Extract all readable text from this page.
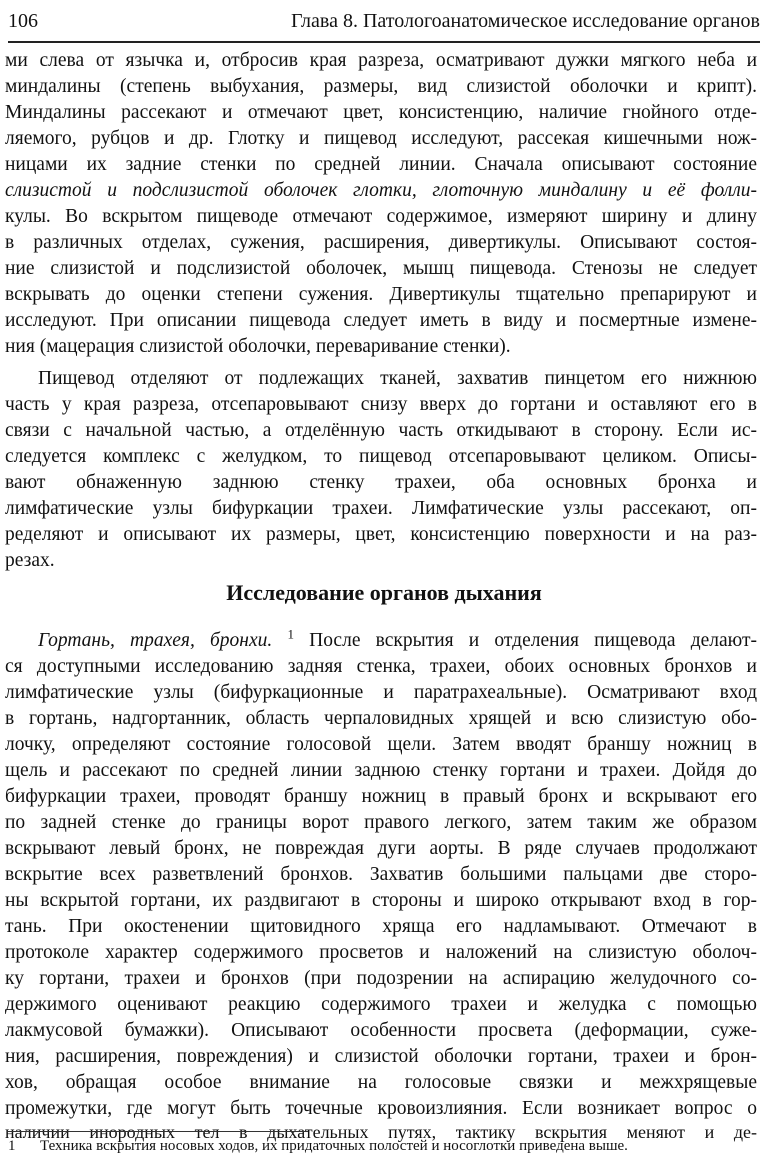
106	Глава 8. Патологоанатомическое исследование органов
ми слева от язычка и, отбросив края разреза, осматривают дужки мягкого неба и
миндалины (степень выбухания, размеры, вид слизистой оболочки и крипт).
Миндалины рассекают и отмечают цвет, консистенцию, наличие гнойного отде-
ляемого, рубцов и др. Глотку и пищевод исследуют, рассекая кишечными нож-
ницами их задние стенки по средней линии. Сначала описывают состояние
слизистой и подслизистой оболочек глотки, глоточную миндалину и её фолли-
кулы. Во вскрытом пищеводе отмечают содержимое, измеряют ширину и длину
в различных отделах, сужения, расширения, дивертикулы. Описывают состоя-
ние слизистой и подслизистой оболочек, мышц пищевода. Стенозы не следует
вскрывать до оценки степени сужения. Дивертикулы тщательно препарируют и
исследуют. При описании пищевода следует иметь в виду и посмертные измене-
ния (мацерация слизистой оболочки, переваривание стенки).
Пищевод отделяют от подлежащих тканей, захватив пинцетом его нижнюю
часть у края разреза, отсепаровывают снизу вверх до гортани и оставляют его в
связи с начальной частью, а отделённую часть откидывают в сторону. Если ис-
следуется комплекс с желудком, то пищевод отсепаровывают целиком. Описы-
вают обнаженную заднюю стенку трахеи, оба основных бронха и
лимфатические узлы бифуркации трахеи. Лимфатические узлы рассекают, оп-
ределяют и описывают их размеры, цвет, консистенцию поверхности и на раз-
резах.
Исследование органов дыхания
Гортань, трахея, бронхи. $^1$ После вскрытия и отделения пищевода делают-
ся доступными исследованию задняя стенка, трахеи, обоих основных бронхов и
лимфатические узлы (бифуркационные и паратрахеальные). Осматривают вход
в гортань, надгортанник, область черпаловидных хрящей и всю слизистую обо-
лочку, определяют состояние голосовой щели. Затем вводят браншу ножниц в
щель и рассекают по средней линии заднюю стенку гортани и трахеи. Дойдя до
бифуркации трахеи, проводят браншу ножниц в правый бронх и вскрывают его
по задней стенке до границы ворот правого легкого, затем таким же образом
вскрывают левый бронх, не повреждая дуги аорты. В ряде случаев продолжают
вскрытие всех разветвлений бронхов. Захватив большими пальцами две сторо-
ны вскрытой гортани, их раздвигают в стороны и широко открывают вход в гор-
тань. При окостенении щитовидного хряща его надламывают. Отмечают в
протоколе характер содержимого просветов и наложений на слизистую оболоч-
ку гортани, трахеи и бронхов (при подозрении на аспирацию желудочного со-
держимого оценивают реакцию содержимого трахеи и желудка с помощью
лакмусовой бумажки). Описывают особенности просвета (деформации, суже-
ния, расширения, повреждения) и слизистой оболочки гортани, трахеи и брон-
хов, обращая особое внимание на голосовые связки и межхрящевые
промежутки, где могут быть точечные кровоизлияния. Если возникает вопрос о
наличии инородных тел в дыхательных путях, тактику вскрытия меняют и де-
1 Техника вскрытия носовых ходов, их придаточных полостей и носоглотки приведена выше.
